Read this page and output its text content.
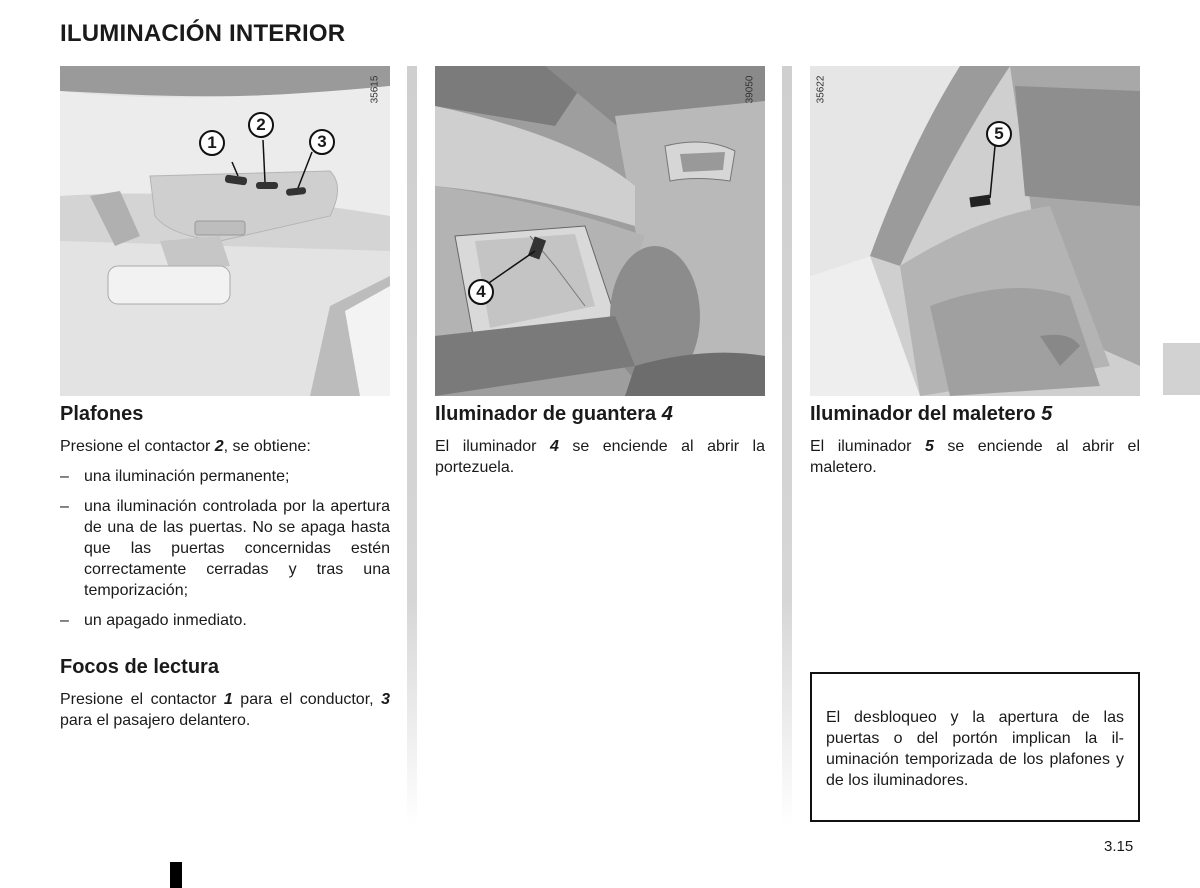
ILUMINACIÓN INTERIOR
35615
1
2
3
39050
4
35622
5
Plafones

Presione el contactor 2, se obtiene:

– una iluminación permanente;
– una iluminación controlada por la apertura de una de las puertas. No se apaga hasta que las puertas concernidas estén correctamente cerradas y tras una temporización;
– un apagado inmediato.
Focos de lectura

Presione el contactor 1 para el conductor, 3 para el pasajero delantero.

Iluminador de guantera 4

El iluminador 4 se enciende al abrir la portezuela.

Iluminador del maletero 5

El iluminador 5 se enciende al abrir el maletero.

El desbloqueo y la apertura de las puertas o del portón implican la iluminación temporizada de los plafones y de los iluminadores.

3.15
